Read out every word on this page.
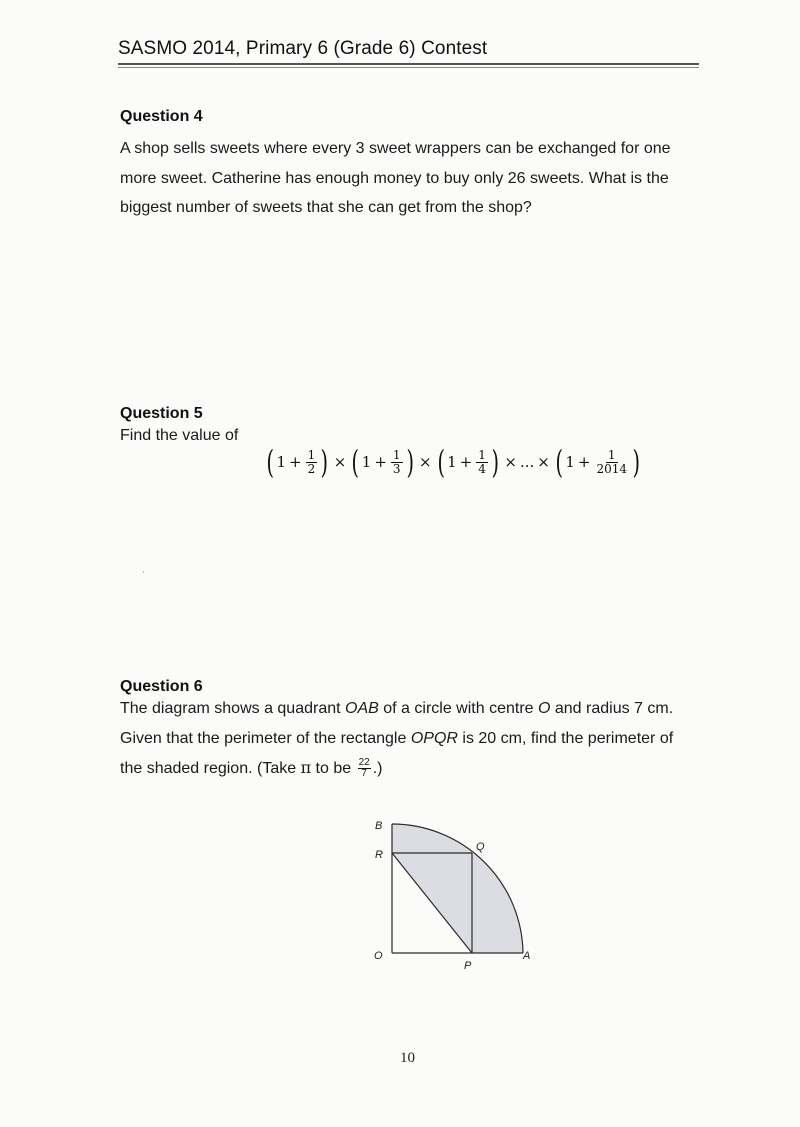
SASMO 2014, Primary 6 (Grade 6) Contest
Question 4
A shop sells sweets where every 3 sweet wrappers can be exchanged for one
more sweet. Catherine has enough money to buy only 26 sweets. What is the
biggest number of sweets that she can get from the shop?
Question 5
Find the value of
( $1 + \frac{1}{2}$ ) × ( $1 + \frac{1}{3}$ ) × ( $1 + \frac{1}{4}$ ) × ... × ( $1 + \frac{1}{2014}$ )
ʼ
Question 6
The diagram shows a quadrant OAB of a circle with centre O and radius 7 cm.
Given that the perimeter of the rectangle OPQR is 20 cm, find the perimeter of
the shaded region. (Take π to be $\frac{22}{7}$ .)
B
R
Q
O
P
A
10
